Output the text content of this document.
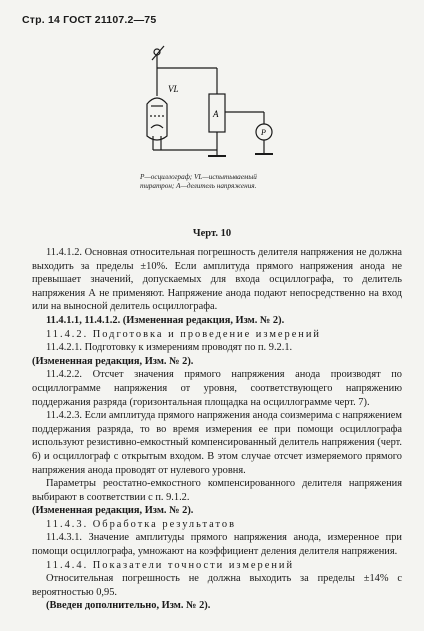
Стр. 14 ГОСТ 21107.2—75
VL
A
P
P—осциллограф; VL—испытываемый тиратрон; A—делитель напряжения.
Черт. 10

11.4.1.2. Основная относительная погрешность делителя напряжения не должна выходить за пределы ±10%. Если амплитуда прямого напряжения анода не превышает значений, допускаемых для входа осциллографа, то делитель напряжения А не применяют. Напряжение анода подают непосредственно на вход или на выносной делитель осциллографа.

11.4.1.1, 11.4.1.2. (Измененная редакция, Изм. № 2).

11.4.2. Подготовка и проведение измерений

11.4.2.1. Подготовку к измерениям проводят по п. 9.2.1.

(Измененная редакция, Изм. № 2).

11.4.2.2. Отсчет значения прямого напряжения анода производят по осциллограмме напряжения от уровня, соответствующего напряжению поддержания разряда (горизонтальная площадка на осциллограмме черт. 7).

11.4.2.3. Если амплитуда прямого напряжения анода соизмерима с напряжением поддержания разряда, то во время измерения ее при помощи осциллографа используют резистивно-емкостный компенсированный делитель напряжения (черт. 6) и осциллограф с открытым входом. В этом случае отсчет измеряемого прямого напряжения анода проводят от нулевого уровня.

Параметры реостатно-емкостного компенсированного делителя напряжения выбирают в соответствии с п. 9.1.2.

(Измененная редакция, Изм. № 2).

11.4.3. Обработка результатов

11.4.3.1. Значение амплитуды прямого напряжения анода, измеренное при помощи осциллографа, умножают на коэффициент деления делителя напряжения.

11.4.4. Показатели точности измерений

Относительная погрешность не должна выходить за пределы ±14% с вероятностью 0,95.

(Введен дополнительно, Изм. № 2).
